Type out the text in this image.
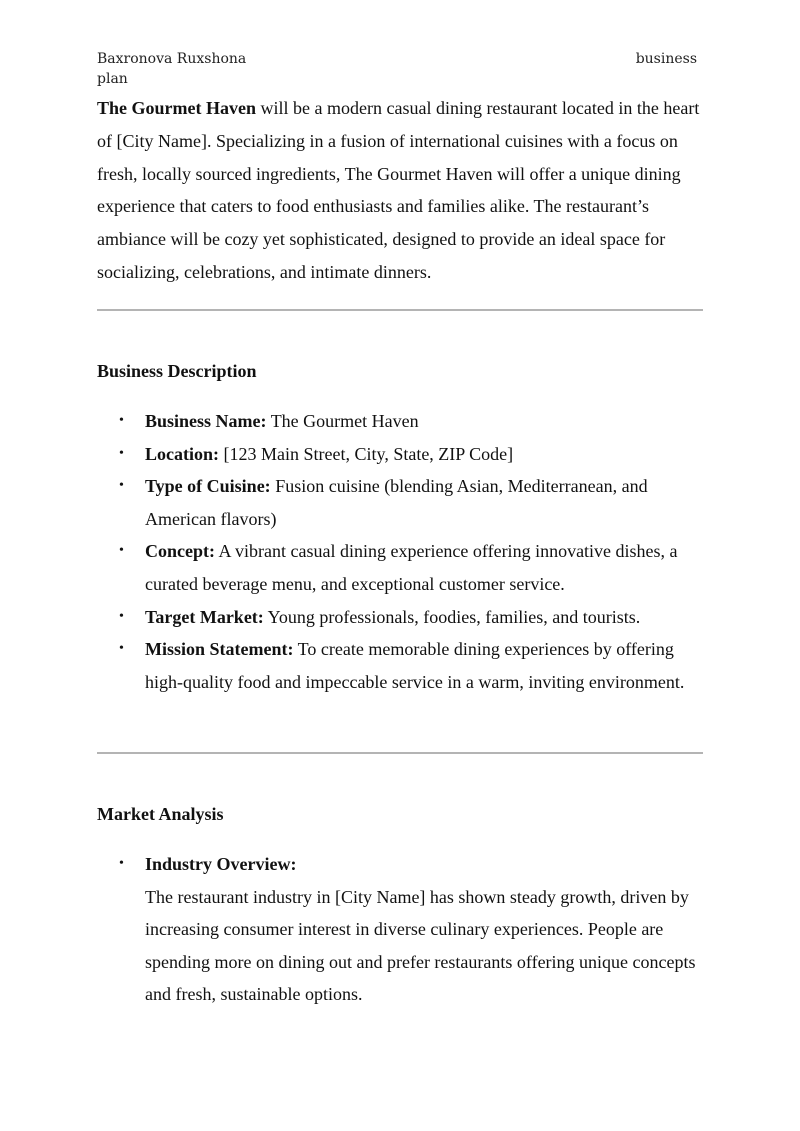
Baxronova Ruxshona	business
plan

The Gourmet Haven will be a modern casual dining restaurant located in the heart of [City Name]. Specializing in a fusion of international cuisines with a focus on fresh, locally sourced ingredients, The Gourmet Haven will offer a unique dining experience that caters to food enthusiasts and families alike. The restaurant’s ambiance will be cozy yet sophisticated, designed to provide an ideal space for socializing, celebrations, and intimate dinners.

Business Description
• Business Name: The Gourmet Haven
• Location: [123 Main Street, City, State, ZIP Code]
• Type of Cuisine: Fusion cuisine (blending Asian, Mediterranean, and American flavors)
• Concept: A vibrant casual dining experience offering innovative dishes, a curated beverage menu, and exceptional customer service.
• Target Market: Young professionals, foodies, families, and tourists.
• Mission Statement: To create memorable dining experiences by offering high-quality food and impeccable service in a warm, inviting environment.
Market Analysis
• Industry Overview:
The restaurant industry in [City Name] has shown steady growth, driven by increasing consumer interest in diverse culinary experiences. People are spending more on dining out and prefer restaurants offering unique concepts and fresh, sustainable options.
